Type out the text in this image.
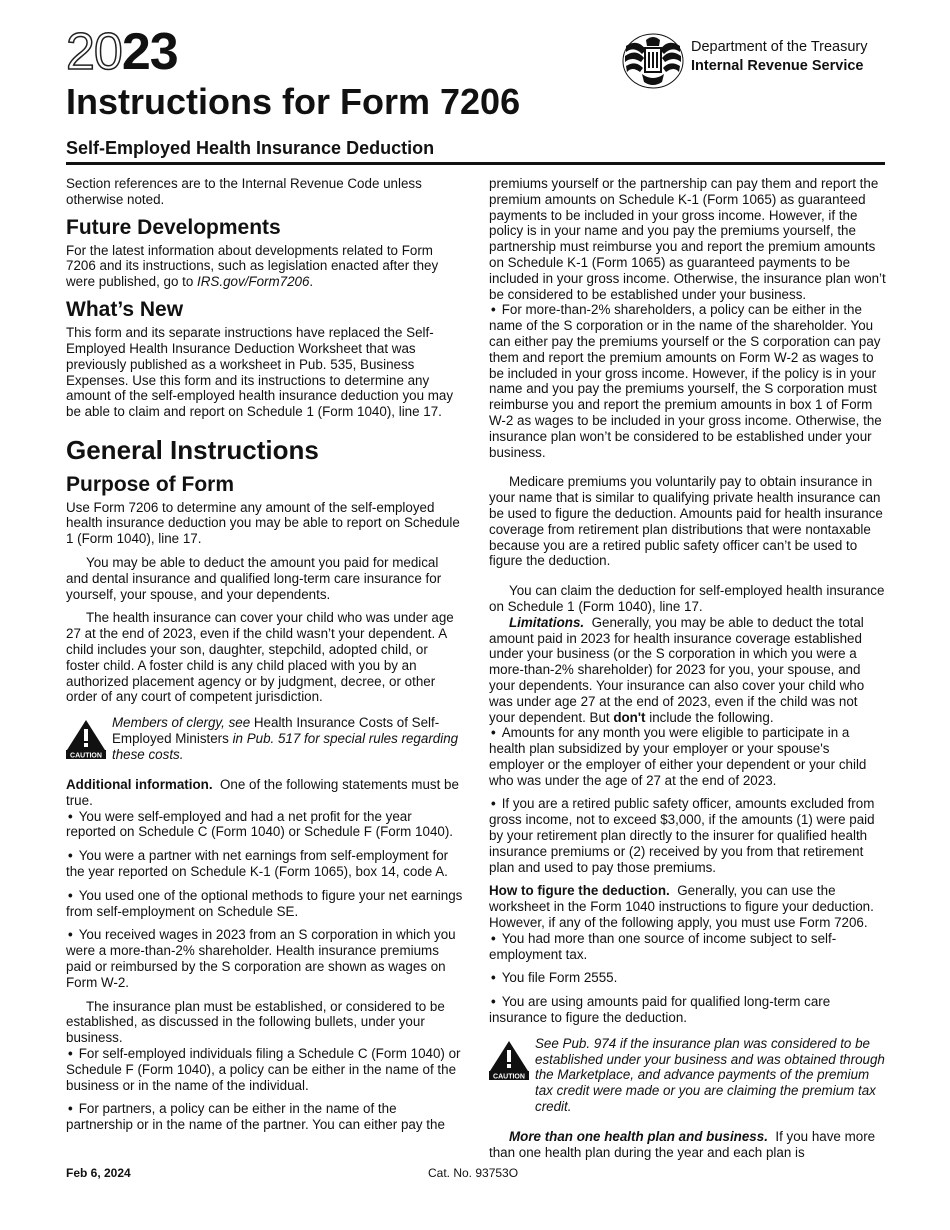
2023
Instructions for Form 7206
Self-Employed Health Insurance Deduction
Department of the Treasury
Internal Revenue Service

Section references are to the Internal Revenue Code unless otherwise noted.

Future Developments

For the latest information about developments related to Form 7206 and its instructions, such as legislation enacted after they were published, go to IRS.gov/Form7206.

What’s New

This form and its separate instructions have replaced the Self-Employed Health Insurance Deduction Worksheet that was previously published as a worksheet in Pub. 535, Business Expenses. Use this form and its instructions to determine any amount of the self-employed health insurance deduction you may be able to claim and report on Schedule 1 (Form 1040), line 17.

General Instructions
Purpose of Form

Use Form 7206 to determine any amount of the self-employed health insurance deduction you may be able to report on Schedule 1 (Form 1040), line 17.

You may be able to deduct the amount you paid for medical and dental insurance and qualified long-term care insurance for yourself, your spouse, and your dependents.

The health insurance can cover your child who was under age 27 at the end of 2023, even if the child wasn’t your dependent. A child includes your son, daughter, stepchild, adopted child, or foster child. A foster child is any child placed with you by an authorized placement agency or by judgment, decree, or other order of any court of competent jurisdiction.

CAUTION
Members of clergy, see Health Insurance Costs of Self-Employed Ministers in Pub. 517 for special rules regarding these costs.

Additional information. One of the following statements must be true.

• You were self-employed and had a net profit for the year reported on Schedule C (Form 1040) or Schedule F (Form 1040).

• You were a partner with net earnings from self-employment for the year reported on Schedule K-1 (Form 1065), box 14, code A.

• You used one of the optional methods to figure your net earnings from self-employment on Schedule SE.

• You received wages in 2023 from an S corporation in which you were a more-than-2% shareholder. Health insurance premiums paid or reimbursed by the S corporation are shown as wages on Form W-2.

The insurance plan must be established, or considered to be established, as discussed in the following bullets, under your business.

• For self-employed individuals filing a Schedule C (Form 1040) or Schedule F (Form 1040), a policy can be either in the name of the business or in the name of the individual.

• For partners, a policy can be either in the name of the partnership or in the name of the partner. You can either pay the

premiums yourself or the partnership can pay them and report the premium amounts on Schedule K-1 (Form 1065) as guaranteed payments to be included in your gross income. However, if the policy is in your name and you pay the premiums yourself, the partnership must reimburse you and report the premium amounts on Schedule K-1 (Form 1065) as guaranteed payments to be included in your gross income. Otherwise, the insurance plan won’t be considered to be established under your business.

• For more-than-2% shareholders, a policy can be either in the name of the S corporation or in the name of the shareholder. You can either pay the premiums yourself or the S corporation can pay them and report the premium amounts on Form W-2 as wages to be included in your gross income. However, if the policy is in your name and you pay the premiums yourself, the S corporation must reimburse you and report the premium amounts in box 1 of Form W-2 as wages to be included in your gross income. Otherwise, the insurance plan won’t be considered to be established under your business.

Medicare premiums you voluntarily pay to obtain insurance in your name that is similar to qualifying private health insurance can be used to figure the deduction. Amounts paid for health insurance coverage from retirement plan distributions that were nontaxable because you are a retired public safety officer can’t be used to figure the deduction.

You can claim the deduction for self-employed health insurance on Schedule 1 (Form 1040), line 17.

Limitations. Generally, you may be able to deduct the total amount paid in 2023 for health insurance coverage established under your business (or the S corporation in which you were a more-than-2% shareholder) for 2023 for you, your spouse, and your dependents. Your insurance can also cover your child who was under age 27 at the end of 2023, even if the child was not your dependent. But don't include the following.

• Amounts for any month you were eligible to participate in a health plan subsidized by your employer or your spouse's employer or the employer of either your dependent or your child who was under the age of 27 at the end of 2023.

• If you are a retired public safety officer, amounts excluded from gross income, not to exceed $3,000, if the amounts (1) were paid by your retirement plan directly to the insurer for qualified health insurance premiums or (2) received by you from that retirement plan and used to pay those premiums.

How to figure the deduction. Generally, you can use the worksheet in the Form 1040 instructions to figure your deduction. However, if any of the following apply, you must use Form 7206.

• You had more than one source of income subject to self-employment tax.

• You file Form 2555.

• You are using amounts paid for qualified long-term care insurance to figure the deduction.

CAUTION
See Pub. 974 if the insurance plan was considered to be established under your business and was obtained through the Marketplace, and advance payments of the premium tax credit were made or you are claiming the premium tax credit.

More than one health plan and business. If you have more than one health plan during the year and each plan is

Feb 6, 2024	Cat. No. 93753O
